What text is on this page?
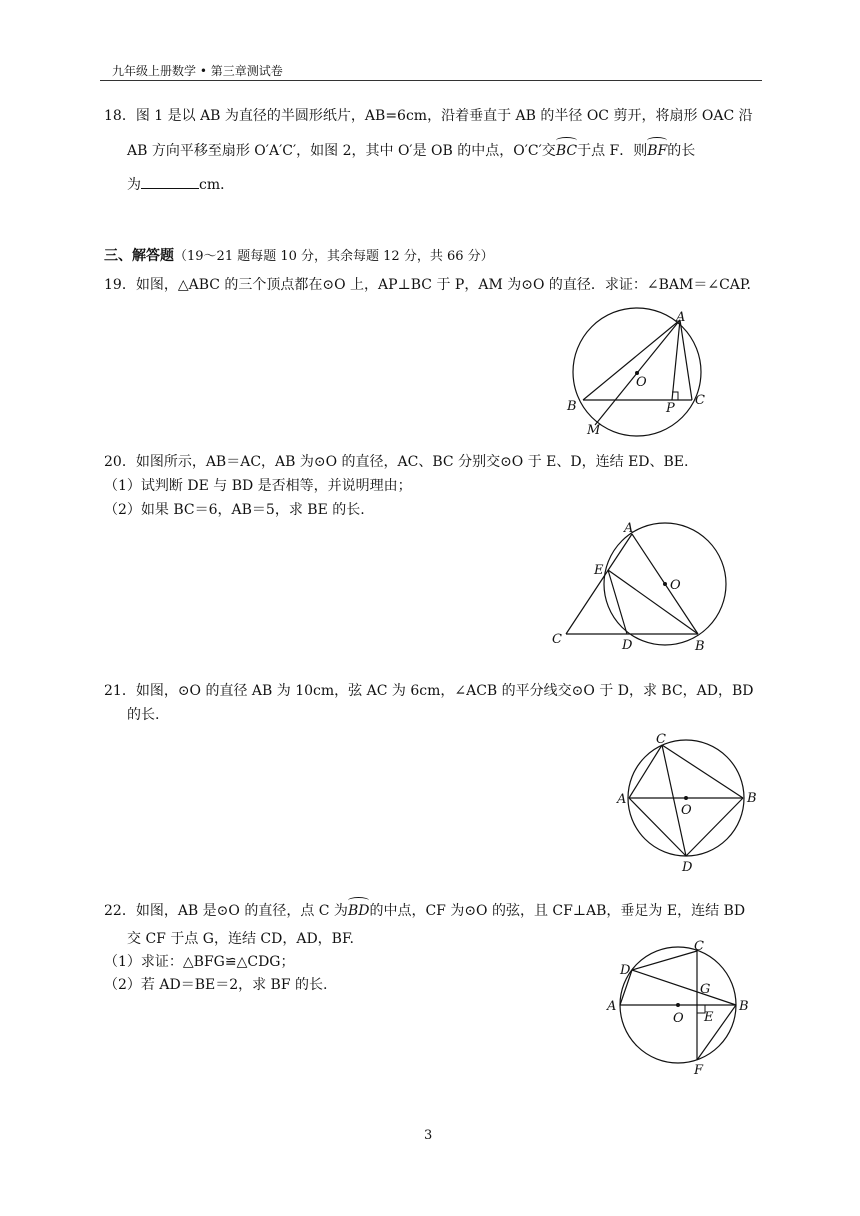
九年级上册数学 • 第三章测试卷
18．图 1 是以 AB 为直径的半圆形纸片，AB=6cm，沿着垂直于 AB 的半径 OC 剪开，将扇形 OAC 沿
AB 方向平移至扇形 O′A′C′，如图 2，其中 O′是 OB 的中点，O′C′交BC于点 F．则BF的长
为	cm．
三、解答题（19～21 题每题 10 分，其余每题 12 分，共 66 分）
19．如图，△ABC 的三个顶点都在⊙O 上，AP⊥BC 于 P，AM 为⊙O 的直径．求证：∠BAM＝∠CAP.
A
O
B	P
C
M
20．如图所示，AB＝AC，AB 为⊙O 的直径，AC、BC 分别交⊙O 于 E、D，连结 ED、BE.
（1）试判断 DE 与 BD 是否相等，并说明理由；
（2）如果 BC＝6，AB＝5，求 BE 的长.
A
E
O
C	D	B
21．如图，⊙O 的直径 AB 为 10cm，弦 AC 为 6cm，∠ACB 的平分线交⊙O 于 D，求 BC，AD，BD
的长.
C
A
O
B
D
22．如图，AB 是⊙O 的直径，点 C 为BD的中点，CF 为⊙O 的弦，且 CF⊥AB，垂足为 E，连结 BD
交 CF 于点 G，连结 CD，AD，BF.
（1）求证：△BFG≌△CDG；
（2）若 AD＝BE＝2，求 BF 的长.
C
D
G
A
O E
B
F
3
